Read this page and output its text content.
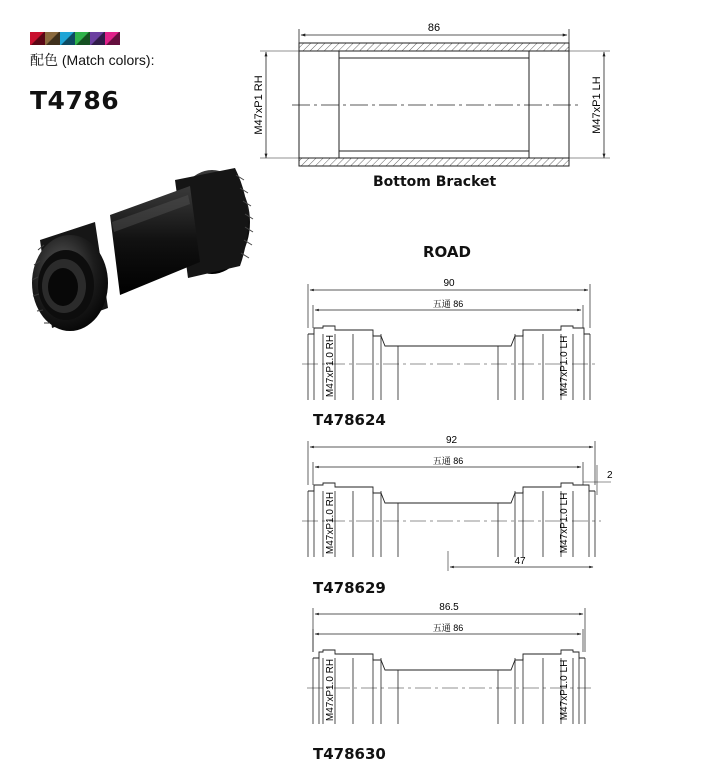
配色 (Match colors):
T4786
Bottom Bracket
ROAD
T478624
T478629
T478630
86
M47xP1 RH	M47xP1 LH
90
五通 86
M47xP1.0 RH	M47xP1.0 LH
92
五通 86
M47xP1.0 RH	M47xP1.0 LH
2
47
86.5
五通 86
M47xP1.0 RH	M47xP1.0 LH
